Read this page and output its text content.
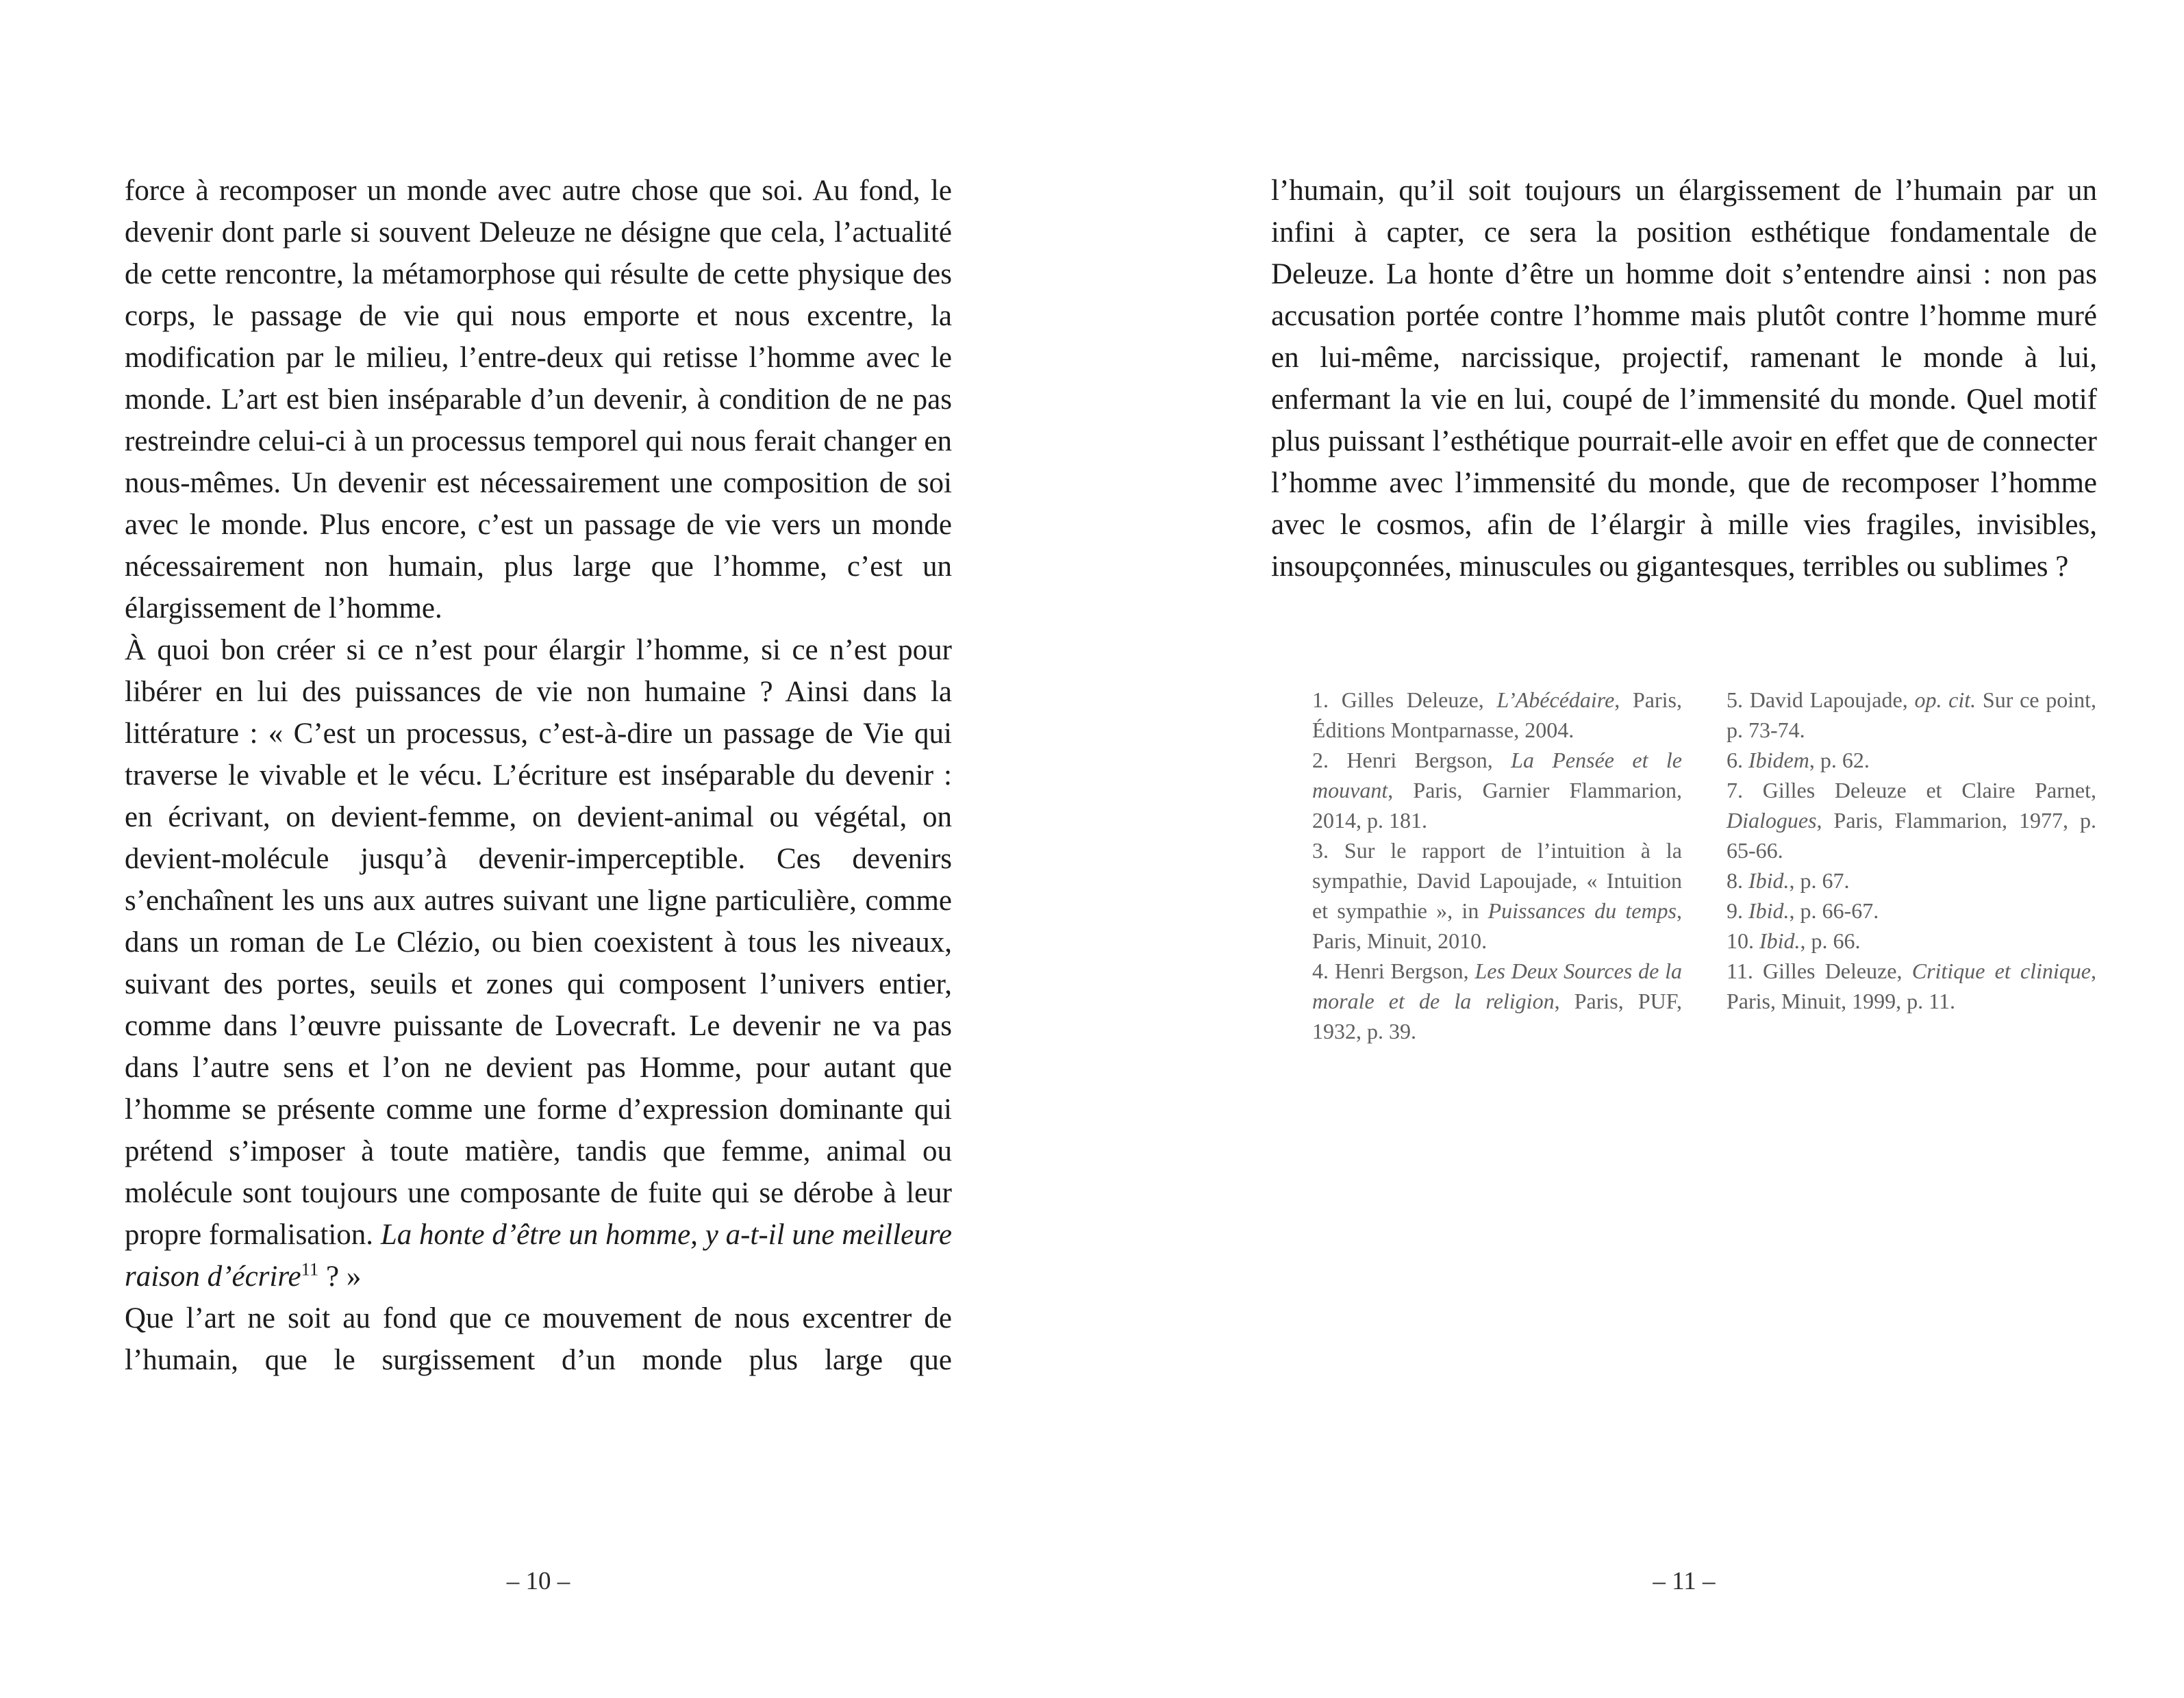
force à recomposer un monde avec autre chose que soi. Au fond, le devenir dont parle si souvent Deleuze ne désigne que cela, l’actualité de cette rencontre, la métamorphose qui résulte de cette physique des corps, le passage de vie qui nous emporte et nous excentre, la modification par le milieu, l’entre-deux qui retisse l’homme avec le monde. L’art est bien inséparable d’un devenir, à condition de ne pas restreindre celui-ci à un processus temporel qui nous ferait changer en nous-mêmes. Un devenir est nécessairement une composition de soi avec le monde. Plus encore, c’est un passage de vie vers un monde nécessairement non humain, plus large que l’homme, c’est un élargissement de l’homme.

À quoi bon créer si ce n’est pour élargir l’homme, si ce n’est pour libérer en lui des puissances de vie non humaine ? Ainsi dans la littérature : « C’est un processus, c’est-à-dire un passage de Vie qui traverse le vivable et le vécu. L’écriture est inséparable du devenir : en écrivant, on devient-femme, on devient-animal ou végétal, on devient-molécule jusqu’à devenir-imperceptible. Ces devenirs s’enchaînent les uns aux autres suivant une ligne particulière, comme dans un roman de Le Clézio, ou bien coexistent à tous les niveaux, suivant des portes, seuils et zones qui composent l’univers entier, comme dans l’œuvre puissante de Lovecraft. Le devenir ne va pas dans l’autre sens et l’on ne devient pas Homme, pour autant que l’homme se présente comme une forme d’expression dominante qui prétend s’imposer à toute matière, tandis que femme, animal ou molécule sont toujours une composante de fuite qui se dérobe à leur propre formalisation. La honte d’être un homme, y a-t-il une meilleure raison d’écrire$^{11}$ ? »

Que l’art ne soit au fond que ce mouvement de nous excentrer de l’humain, que le surgissement d’un monde plus large que

– 10 –

l’humain, qu’il soit toujours un élargissement de l’humain par un infini à capter, ce sera la position esthétique fondamentale de Deleuze. La honte d’être un homme doit s’entendre ainsi : non pas accusation portée contre l’homme mais plutôt contre l’homme muré en lui-même, narcissique, projectif, ramenant le monde à lui, enfermant la vie en lui, coupé de l’immensité du monde. Quel motif plus puissant l’esthétique pourrait-elle avoir en effet que de connecter l’homme avec l’immensité du monde, que de recomposer l’homme avec le cosmos, afin de l’élargir à mille vies fragiles, invisibles, insoupçonnées, minuscules ou gigantesques, terribles ou sublimes ?

1. Gilles Deleuze, L’Abécédaire, Paris, Éditions Montparnasse, 2004.

2. Henri Bergson, La Pensée et le mouvant, Paris, Garnier Flammarion, 2014, p. 181.

3. Sur le rapport de l’intuition à la sympathie, David Lapoujade, « Intuition et sympathie », in Puissances du temps, Paris, Minuit, 2010.

4. Henri Bergson, Les Deux Sources de la morale et de la religion, Paris, PUF, 1932, p. 39.

5. David Lapoujade, op. cit. Sur ce point, p. 73-74.

6. Ibidem, p. 62.

7. Gilles Deleuze et Claire Parnet, Dialogues, Paris, Flammarion, 1977, p. 65-66.

8. Ibid., p. 67.

9. Ibid., p. 66-67.

10. Ibid., p. 66.

11. Gilles Deleuze, Critique et clinique, Paris, Minuit, 1999, p. 11.

– 11 –
